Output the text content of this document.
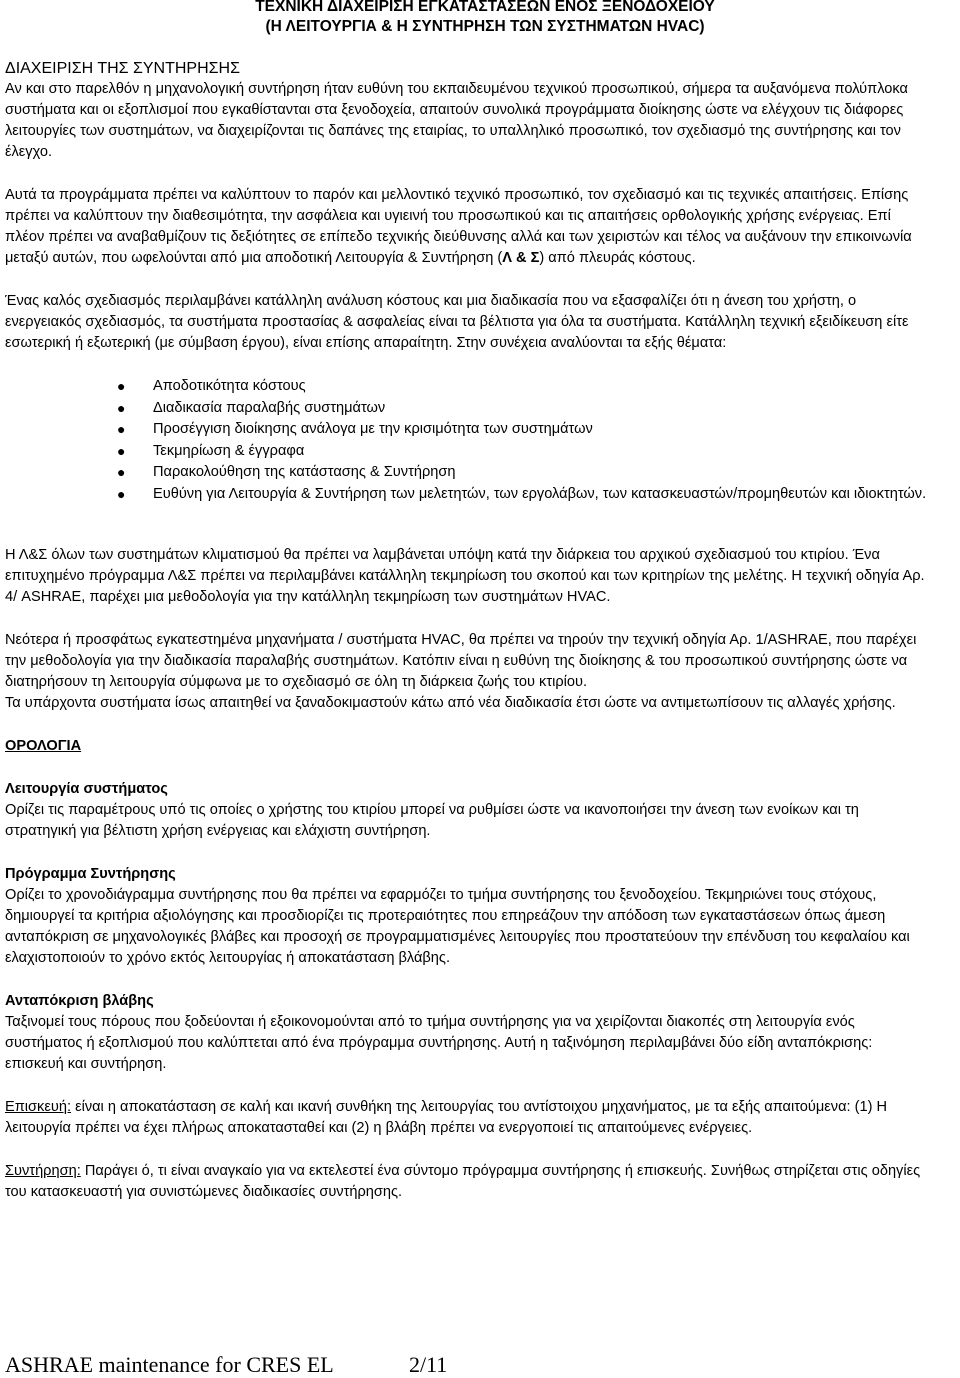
ΤΕΧΝΙΚΗ ΔΙΑΧΕΙΡΙΣΗ ΕΓΚΑΤΑΣΤΑΣΕΩΝ ΕΝΟΣ ΞΕΝΟΔΟΧΕΙΟΥ
(Η ΛΕΙΤΟΥΡΓΙΑ & Η ΣΥΝΤΗΡΗΣΗ ΤΩΝ ΣΥΣΤΗΜΑΤΩΝ HVAC)
ΔΙΑΧΕΙΡΙΣΗ ΤΗΣ ΣΥΝΤΗΡΗΣΗΣ

Αν και στο παρελθόν η μηχανολογική συντήρηση ήταν ευθύνη του εκπαιδευμένου τεχνικού προσωπικού, σήμερα τα αυξανόμενα πολύπλοκα συστήματα και οι εξοπλισμοί που εγκαθίστανται στα ξενοδοχεία, απαιτούν συνολικά προγράμματα διοίκησης ώστε να ελέγχουν τις διάφορες λειτουργίες των συστημάτων, να διαχειρίζονται τις δαπάνες της εταιρίας, το υπαλληλικό προσωπικό, τον σχεδιασμό της συντήρησης και τον έλεγχο.

Αυτά τα προγράμματα πρέπει να καλύπτουν το παρόν και μελλοντικό τεχνικό προσωπικό, τον σχεδιασμό και τις τεχνικές απαιτήσεις. Επίσης πρέπει να καλύπτουν την διαθεσιμότητα, την ασφάλεια και υγιεινή του προσωπικού και τις απαιτήσεις ορθολογικής χρήσης ενέργειας. Επί πλέον πρέπει να αναβαθμίζουν τις δεξιότητες σε επίπεδο τεχνικής διεύθυνσης αλλά και των χειριστών και τέλος να αυξάνουν την επικοινωνία μεταξύ αυτών, που ωφελούνται από μια αποδοτική Λειτουργία & Συντήρηση (Λ & Σ) από πλευράς κόστους.

Ένας καλός σχεδιασμός περιλαμβάνει κατάλληλη ανάλυση κόστους και μια διαδικασία που να εξασφαλίζει ότι η άνεση του χρήστη, ο ενεργειακός σχεδιασμός, τα συστήματα προστασίας & ασφαλείας είναι τα βέλτιστα για όλα τα συστήματα. Κατάλληλη τεχνική εξειδίκευση είτε εσωτερική ή εξωτερική (με σύμβαση έργου), είναι επίσης απαραίτητη. Στην συνέχεια αναλύονται τα εξής θέματα:

● Αποδοτικότητα κόστους
● Διαδικασία παραλαβής συστημάτων
● Προσέγγιση διοίκησης ανάλογα με την κρισιμότητα των συστημάτων
● Τεκμηρίωση & έγγραφα
● Παρακολούθηση της κατάστασης & Συντήρηση
● Ευθύνη για Λειτουργία & Συντήρηση των μελετητών, των εργολάβων, των κατασκευαστών/προμηθευτών και ιδιοκτητών.

Η Λ&Σ όλων των συστημάτων κλιματισμού θα πρέπει να λαμβάνεται υπόψη κατά την διάρκεια του αρχικού σχεδιασμού του κτιρίου. Ένα επιτυχημένο πρόγραμμα Λ&Σ πρέπει να περιλαμβάνει κατάλληλη τεκμηρίωση του σκοπού και των κριτηρίων της μελέτης. Η τεχνική οδηγία Αρ. 4/ ASHRAE, παρέχει μια μεθοδολογία για την κατάλληλη τεκμηρίωση των συστημάτων HVAC.

Νεότερα ή προσφάτως εγκατεστημένα μηχανήματα / συστήματα HVAC, θα πρέπει να τηρούν την τεχνική οδηγία Αρ. 1/ASHRAE, που παρέχει την μεθοδολογία για την διαδικασία παραλαβής συστημάτων. Κατόπιν είναι η ευθύνη της διοίκησης & του προσωπικού συντήρησης ώστε να διατηρήσουν τη λειτουργία σύμφωνα με το σχεδιασμό σε όλη τη διάρκεια ζωής του κτιρίου.

Τα υπάρχοντα συστήματα ίσως απαιτηθεί να ξαναδοκιμαστούν κάτω από νέα διαδικασία έτσι ώστε να αντιμετωπίσουν τις αλλαγές χρήσης.

ΟΡΟΛΟΓΙΑ
Λειτουργία συστήματος

Ορίζει τις παραμέτρους υπό τις οποίες ο χρήστης του κτιρίου μπορεί να ρυθμίσει ώστε να ικανοποιήσει την άνεση των ενοίκων και τη στρατηγική για βέλτιστη χρήση ενέργειας και ελάχιστη συντήρηση.

Πρόγραμμα Συντήρησης

Ορίζει το χρονοδιάγραμμα συντήρησης που θα πρέπει να εφαρμόζει το τμήμα συντήρησης του ξενοδοχείου. Τεκμηριώνει τους στόχους, δημιουργεί τα κριτήρια αξιολόγησης και προσδιορίζει τις προτεραιότητες που επηρεάζουν την απόδοση των εγκαταστάσεων όπως άμεση ανταπόκριση σε μηχανολογικές βλάβες και προσοχή σε προγραμματισμένες λειτουργίες που προστατεύουν την επένδυση του κεφαλαίου και ελαχιστοποιούν το χρόνο εκτός λειτουργίας ή αποκατάσταση βλάβης.

Ανταπόκριση βλάβης

Ταξινομεί τους πόρους που ξοδεύονται ή εξοικονομούνται από το τμήμα συντήρησης για να χειρίζονται διακοπές στη λειτουργία ενός συστήματος ή εξοπλισμού που καλύπτεται από ένα πρόγραμμα συντήρησης. Αυτή η ταξινόμηση περιλαμβάνει δύο είδη ανταπόκρισης: επισκευή και συντήρηση.

Επισκευή: είναι η αποκατάσταση σε καλή και ικανή συνθήκη της λειτουργίας του αντίστοιχου μηχανήματος, με τα εξής απαιτούμενα: (1) Η λειτουργία πρέπει να έχει πλήρως αποκατασταθεί και (2) η βλάβη πρέπει να ενεργοποιεί τις απαιτούμενες ενέργειες.

Συντήρηση: Παράγει ό, τι είναι αναγκαίο για να εκτελεστεί ένα σύντομο πρόγραμμα συντήρησης ή επισκευής. Συνήθως στηρίζεται στις οδηγίες του κατασκευαστή για συνιστώμενες διαδικασίες συντήρησης.

ASHRAE maintenance for CRES EL	2/11
